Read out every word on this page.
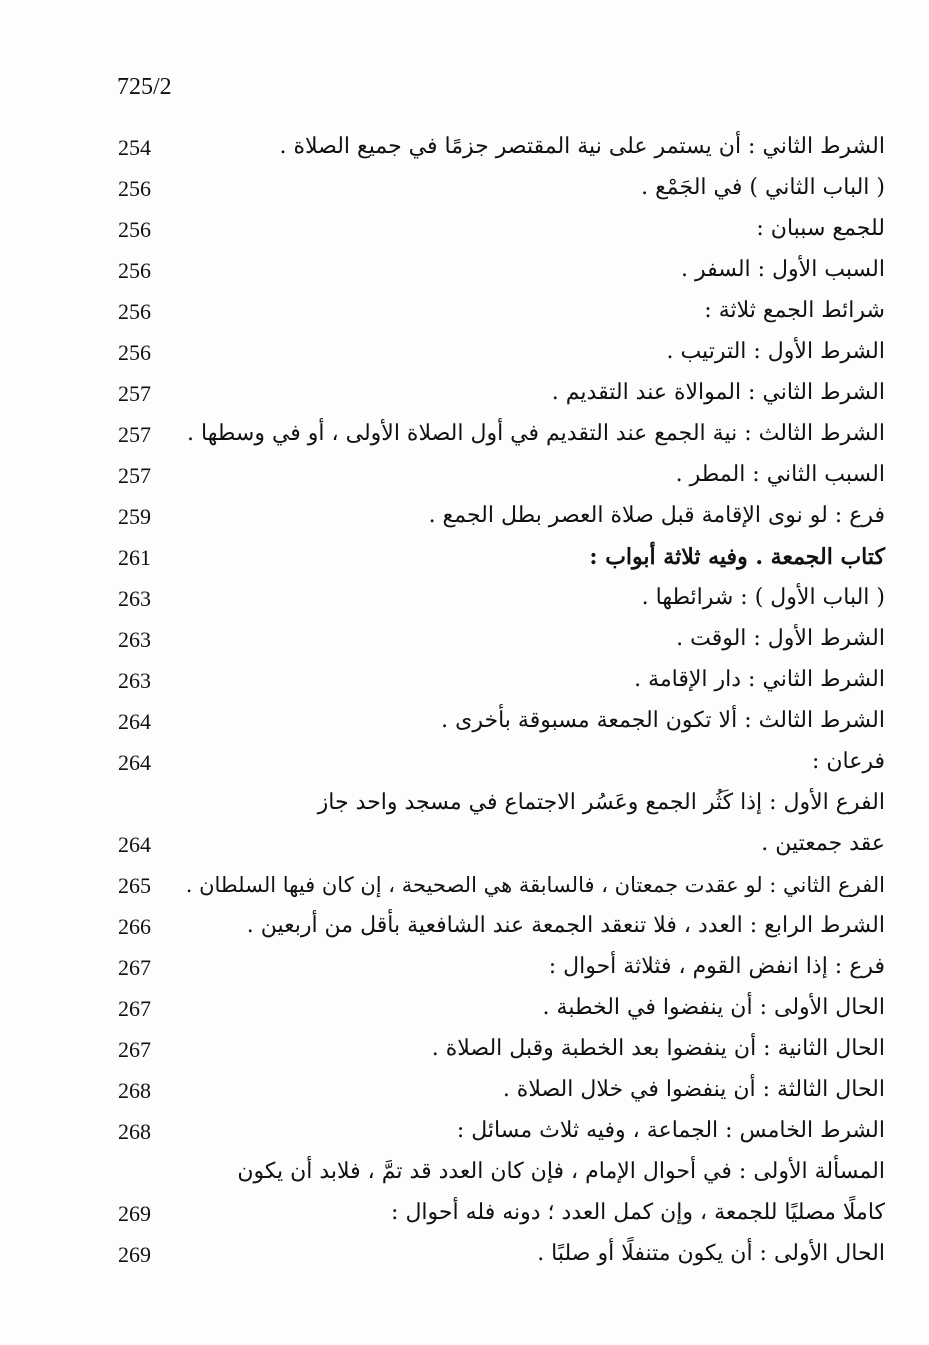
725/2
الشرط الثاني : أن يستمر على نية المقتصر جزمًا في جميع الصلاة .
254
( الباب الثاني ) في الجَمْع .
256
للجمع سببان :
256
السبب الأول : السفر .
256
شرائط الجمع ثلاثة :
256
الشرط الأول : الترتيب .
256
الشرط الثاني : الموالاة عند التقديم .
257
الشرط الثالث : نية الجمع عند التقديم في أول الصلاة الأولى ، أو في وسطها .
257
السبب الثاني : المطر .
257
فرع : لو نوى الإقامة قبل صلاة العصر بطل الجمع .
259
كتاب الجمعة . وفيه ثلاثة أبواب :
261
( الباب الأول ) : شرائطها .
263
الشرط الأول : الوقت .
263
الشرط الثاني : دار الإقامة .
263
الشرط الثالث : ألا تكون الجمعة مسبوقة بأخرى .
264
فرعان :
264
الفرع الأول : إذا كَثُر الجمع وعَسُر الاجتماع في مسجد واحد جاز
عقد جمعتين .
264
الفرع الثاني : لو عقدت جمعتان ، فالسابقة هي الصحيحة ، إن كان فيها السلطان .
265
الشرط الرابع : العدد ، فلا تنعقد الجمعة عند الشافعية بأقل من أربعين .
266
فرع : إذا انفض القوم ، فثلاثة أحوال :
267
الحال الأولى : أن ينفضوا في الخطبة .
267
الحال الثانية : أن ينفضوا بعد الخطبة وقبل الصلاة .
267
الحال الثالثة : أن ينفضوا في خلال الصلاة .
268
الشرط الخامس : الجماعة ، وفيه ثلاث مسائل :
268
المسألة الأولى : في أحوال الإمام ، فإن كان العدد قد تمَّ ، فلابد أن يكون
كاملًا مصليًا للجمعة ، وإن كمل العدد ؛ دونه فله أحوال :
269
الحال الأولى : أن يكون متنفلًا أو صلبًا .
269
